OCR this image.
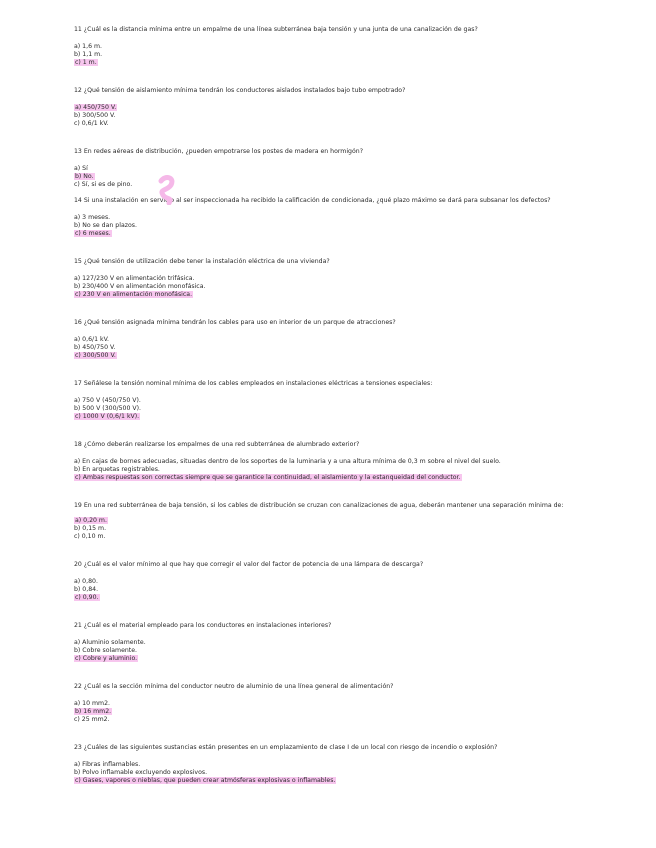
11 ¿Cuál es la distancia mínima entre un empalme de una línea subterránea baja tensión y una junta de una canalización de gas?

a) 1,6 m.
b) 1,1 m.
c) 1 m.

12 ¿Qué tensión de aislamiento mínima tendrán los conductores aislados instalados bajo tubo empotrado?

a) 450/750 V.
b) 300/500 V.
c) 0,6/1 kV.

13 En redes aéreas de distribución, ¿pueden empotrarse los postes de madera en hormigón?

a) Sí
b) No.
c) Sí, si es de pino.

14 Si una instalación en servicio al ser inspeccionada ha recibido la calificación de condicionada, ¿qué plazo máximo se dará para subsanar los defectos?

a) 3 meses.
b) No se dan plazos.
c) 6 meses.

15 ¿Qué tensión de utilización debe tener la instalación eléctrica de una vivienda?

a) 127/230 V en alimentación trifásica.
b) 230/400 V en alimentación monofásica.
c) 230 V en alimentación monofásica.

16 ¿Qué tensión asignada mínima tendrán los cables para uso en interior de un parque de atracciones?

a) 0,6/1 kV.
b) 450/750 V.
c) 300/500 V.

17 Señálese la tensión nominal mínima de los cables empleados en instalaciones eléctricas a tensiones especiales:

a) 750 V (450/750 V).
b) 500 V (300/500 V).
c) 1000 V (0,6/1 kV).

18 ¿Cómo deberán realizarse los empalmes de una red subterránea de alumbrado exterior?

a) En cajas de bornes adecuadas, situadas dentro de los soportes de la luminaria y a una altura mínima de 0,3 m sobre el nivel del suelo.
b) En arquetas registrables.
c) Ambas respuestas son correctas siempre que se garantice la continuidad, el aislamiento y la estanqueidad del conductor.

19 En una red subterránea de baja tensión, si los cables de distribución se cruzan con canalizaciones de agua, deberán mantener una separación mínima de:

a) 0,20 m.
b) 0,15 m.
c) 0,10 m.

20 ¿Cuál es el valor mínimo al que hay que corregir el valor del factor de potencia de una lámpara de descarga?

a) 0,80.
b) 0,84.
c) 0,90.

21 ¿Cuál es el material empleado para los conductores en instalaciones interiores?

a) Aluminio solamente.
b) Cobre solamente.
c) Cobre y aluminio.

22 ¿Cuál es la sección mínima del conductor neutro de aluminio de una línea general de alimentación?

a) 10 mm2.
b) 16 mm2.
c) 25 mm2.

23 ¿Cuáles de las siguientes sustancias están presentes en un emplazamiento de clase I de un local con riesgo de incendio o explosión?

a) Fibras inflamables.
b) Polvo inflamable excluyendo explosivos.
c) Gases, vapores o nieblas, que pueden crear atmósferas explosivas o inflamables.
